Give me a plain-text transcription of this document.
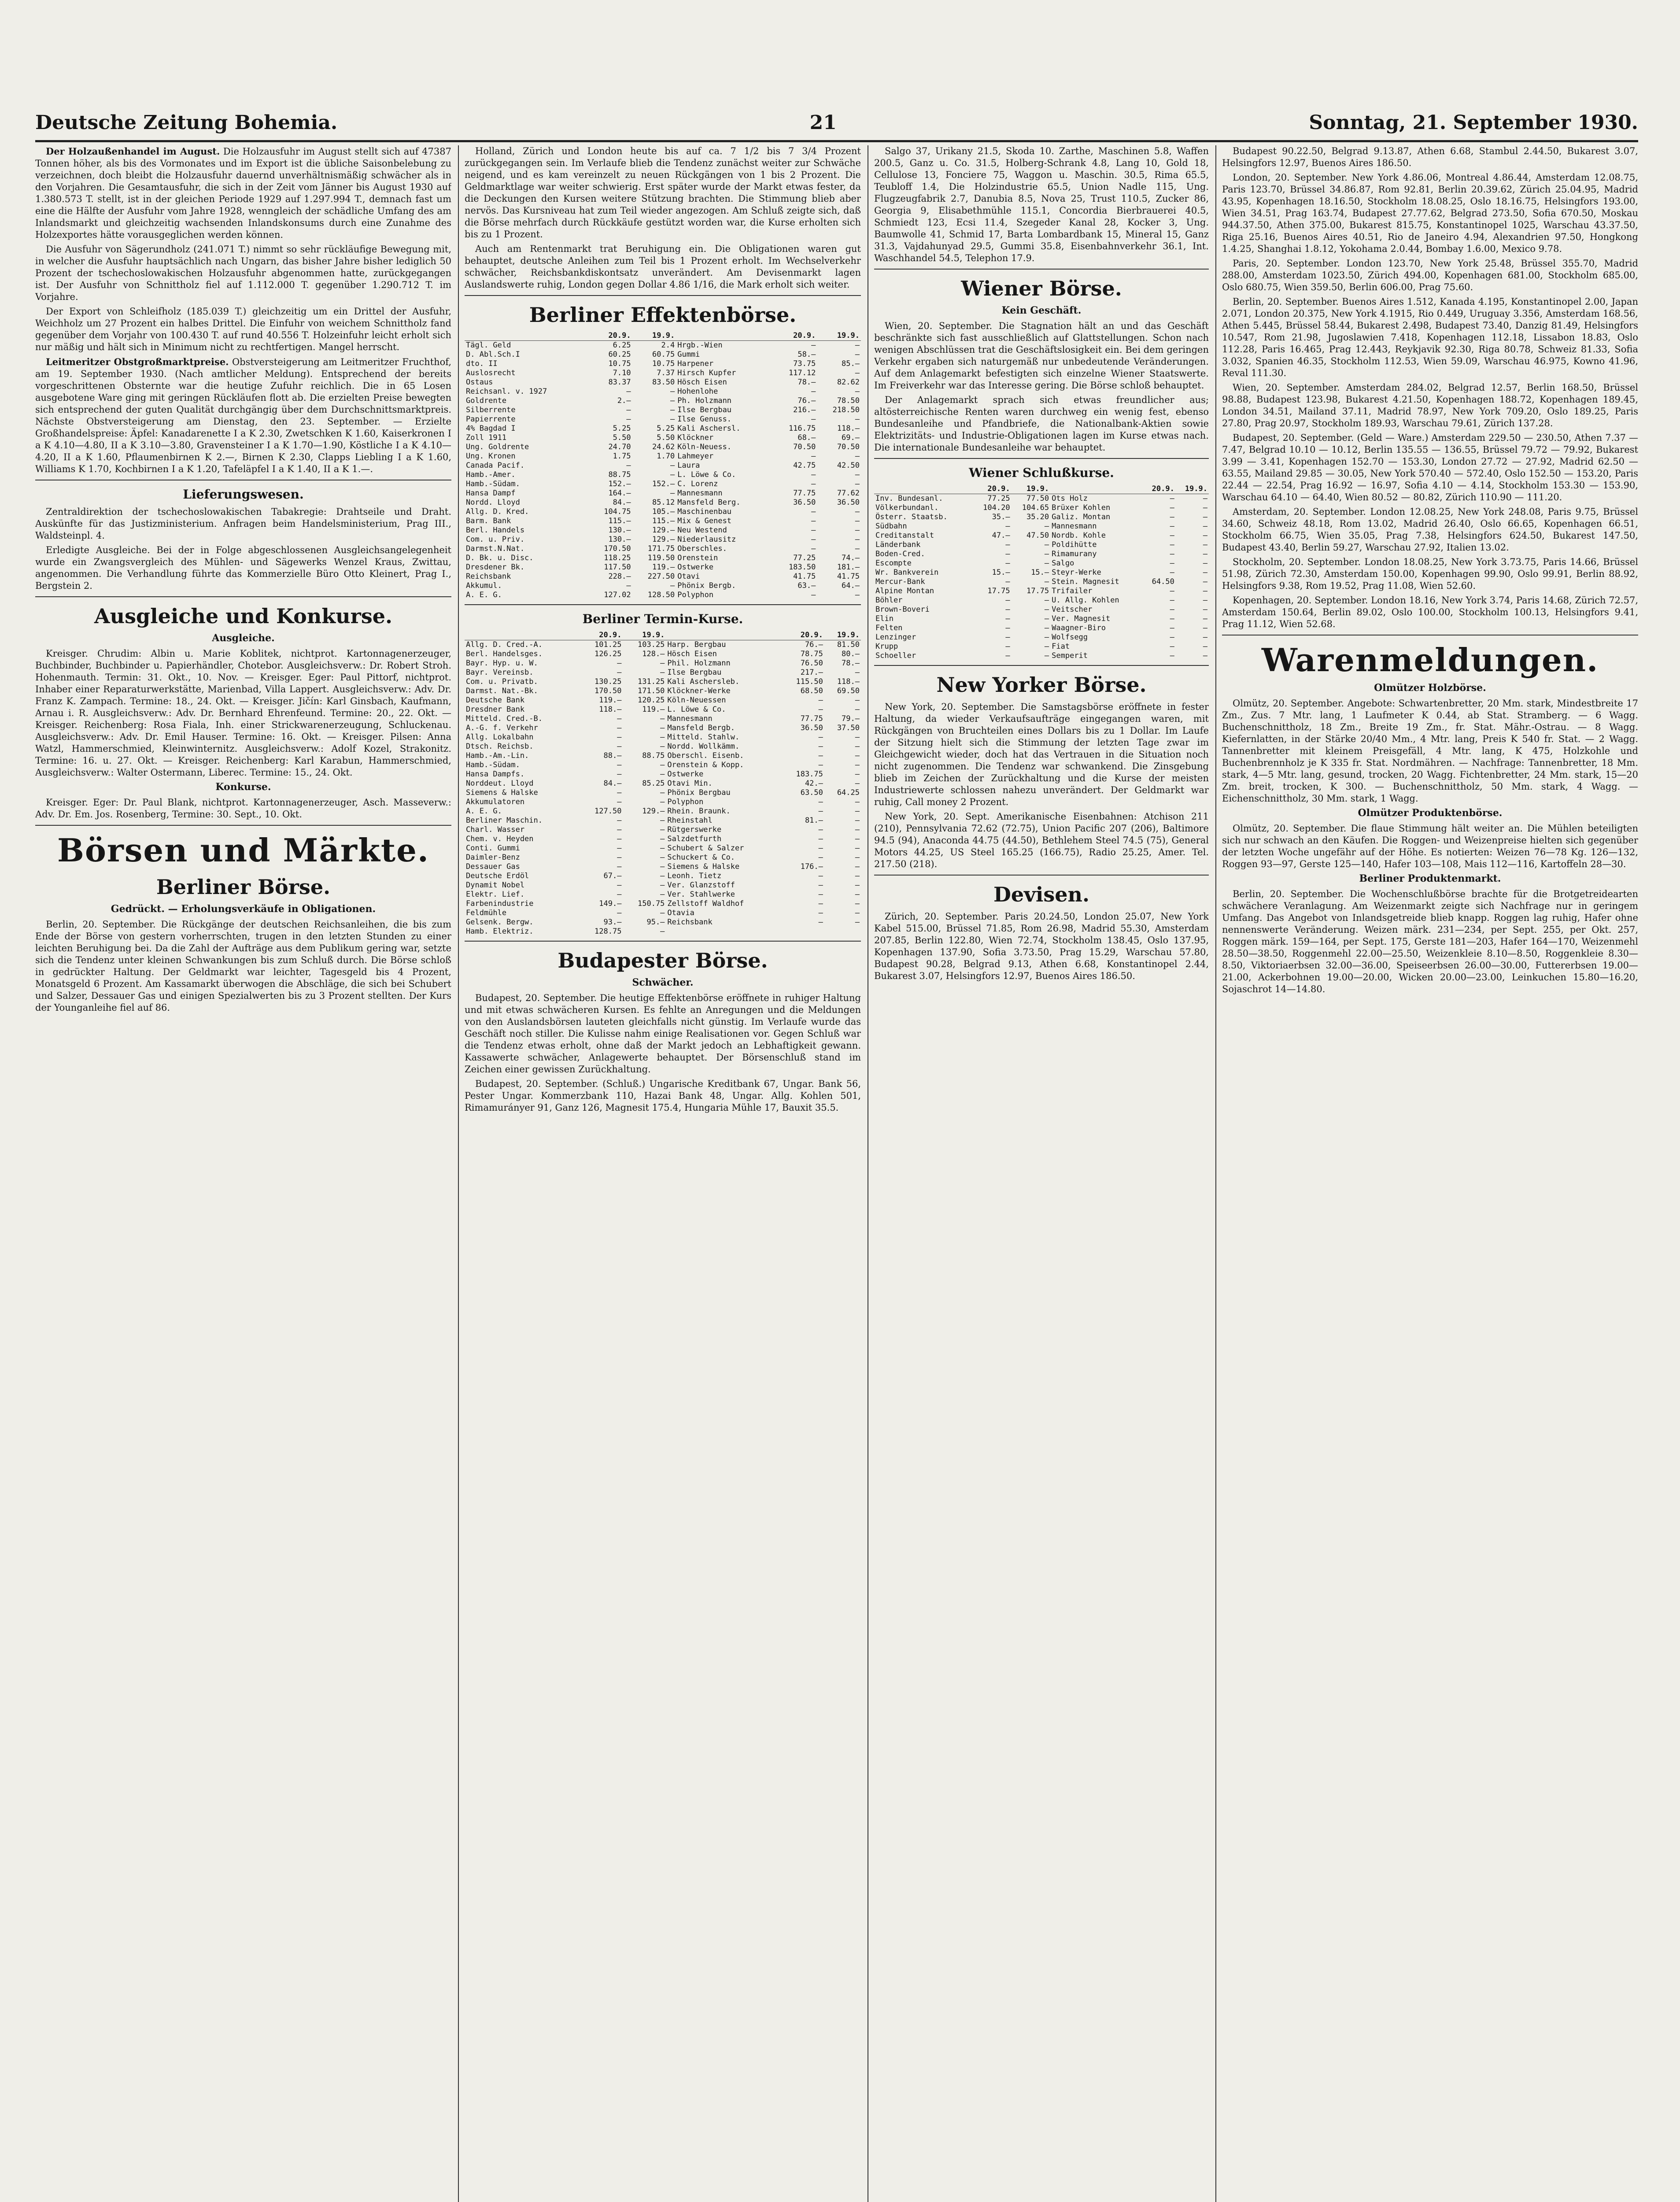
Deutsche Zeitung Bohemia.	21	Sonntag, 21. September 1930.

Der Holzaußenhandel im August. Die Holzausfuhr im August stellt sich auf 47387 Tonnen höher, als bis des Vormonates und im Export ist die übliche Saisonbelebung zu verzeichnen, doch bleibt die Holzausfuhr dauernd unverhältnismäßig schwächer als in den Vorjahren. Die Gesamtausfuhr, die sich in der Zeit vom Jänner bis August 1930 auf 1.380.573 T. stellt, ist in der gleichen Periode 1929 auf 1.297.994 T., demnach fast um eine die Hälfte der Ausfuhr vom Jahre 1928, wenngleich der schädliche Umfang des am Inlandsmarkt und gleichzeitig wachsenden Inlandskonsums durch eine Zunahme des Holzexportes hätte vorausgeglichen werden können.

Die Ausfuhr von Sägerundholz (241.071 T.) nimmt so sehr rückläufige Bewegung mit, in welcher die Ausfuhr hauptsächlich nach Ungarn, das bisher Jahre bisher lediglich 50 Prozent der tschechoslowakischen Holzausfuhr abgenommen hatte, zurückgegangen ist. Der Ausfuhr von Schnittholz fiel auf 1.112.000 T. gegenüber 1.290.712 T. im Vorjahre.

Der Export von Schleifholz (185.039 T.) gleichzeitig um ein Drittel der Ausfuhr, Weichholz um 27 Prozent ein halbes Drittel. Die Einfuhr von weichem Schnittholz fand gegenüber dem Vorjahr von 100.430 T. auf rund 40.556 T. Holzeinfuhr leicht erholt sich nur mäßig und hält sich in Minimum nicht zu rechtfertigen. Mangel herrscht.

Leitmeritzer Obstgroßmarktpreise. Obstversteigerung am Leitmeritzer Fruchthof, am 19. September 1930. (Nach amtlicher Meldung). Entsprechend der bereits vorgeschrittenen Obsternte war die heutige Zufuhr reichlich. Die in 65 Losen ausgebotene Ware ging mit geringen Rückläufen flott ab. Die erzielten Preise bewegten sich entsprechend der guten Qualität durchgängig über dem Durchschnittsmarktpreis. Nächste Obstversteigerung am Dienstag, den 23. September. — Erzielte Großhandelspreise: Äpfel: Kanadarenette I a K 2.30, Zwetschken K 1.60, Kaiserkronen I a K 4.10—4.80, II a K 3.10—3.80, Gravensteiner I a K 1.70—1.90, Köstliche I a K 4.10—4.20, II a K 1.60, Pflaumenbirnen K 2.—, Birnen K 2.30, Clapps Liebling I a K 1.60, Williams K 1.70, Kochbirnen I a K 1.20, Tafeläpfel I a K 1.40, II a K 1.—.

Lieferungswesen.

Zentraldirektion der tschechoslowakischen Tabakregie: Drahtseile und Draht. Auskünfte für das Justizministerium. Anfragen beim Handelsministerium, Prag III., Waldsteinpl. 4.

Erledigte Ausgleiche. Bei der in Folge abgeschlossenen Ausgleichsangelegenheit wurde ein Zwangsvergleich des Mühlen- und Sägewerks Wenzel Kraus, Zwittau, angenommen. Die Verhandlung führte das Kommerzielle Büro Otto Kleinert, Prag I., Bergstein 2.

Ausgleiche und Konkurse.
Ausgleiche.

Kreisger. Chrudim: Albin u. Marie Koblitek, nichtprot. Kartonnagenerzeuger, Buchbinder, Buchbinder u. Papierhändler, Chotebor. Ausgleichsverw.: Dr. Robert Stroh. Hohenmauth. Termin: 31. Okt., 10. Nov. — Kreisger. Eger: Paul Pittorf, nichtprot. Inhaber einer Reparaturwerkstätte, Marienbad, Villa Lappert. Ausgleichsverw.: Adv. Dr. Franz K. Zampach. Termine: 18., 24. Okt. — Kreisger. Jičín: Karl Ginsbach, Kaufmann, Arnau i. R. Ausgleichsverw.: Adv. Dr. Bernhard Ehrenfeund. Termine: 20., 22. Okt. — Kreisger. Reichenberg: Rosa Fiala, Inh. einer Strickwarenerzeugung, Schluckenau. Ausgleichsverw.: Adv. Dr. Emil Hauser. Termine: 16. Okt. — Kreisger. Pilsen: Anna Watzl, Hammerschmied, Kleinwinternitz. Ausgleichsverw.: Adolf Kozel, Strakonitz. Termine: 16. u. 27. Okt. — Kreisger. Reichenberg: Karl Karabun, Hammerschmied, Ausgleichsverw.: Walter Ostermann, Liberec. Termine: 15., 24. Okt.

Konkurse.

Kreisger. Eger: Dr. Paul Blank, nichtprot. Kartonnagenerzeuger, Asch. Masseverw.: Adv. Dr. Em. Jos. Rosenberg, Termine: 30. Sept., 10. Okt.

Börsen und Märkte.
Berliner Börse.
Gedrückt. — Erholungsverkäufe in Obligationen.

Berlin, 20. September. Die Rückgänge der deutschen Reichsanleihen, die bis zum Ende der Börse von gestern vorherrschten, trugen in den letzten Stunden zu einer leichten Beruhigung bei. Da die Zahl der Aufträge aus dem Publikum gering war, setzte sich die Tendenz unter kleinen Schwankungen bis zum Schluß durch. Die Börse schloß in gedrückter Haltung. Der Geldmarkt war leichter, Tagesgeld bis 4 Prozent, Monatsgeld 6 Prozent. Am Kassamarkt überwogen die Abschläge, die sich bei Schubert und Salzer, Dessauer Gas und einigen Spezialwerten bis zu 3 Prozent stellten. Der Kurs der Younganleihe fiel auf 86.

Holland, Zürich und London heute bis auf ca. 7 1/2 bis 7 3/4 Prozent zurückgegangen sein. Im Verlaufe blieb die Tendenz zunächst weiter zur Schwäche neigend, und es kam vereinzelt zu neuen Rückgängen von 1 bis 2 Prozent. Die Geldmarktlage war weiter schwierig. Erst später wurde der Markt etwas fester, da die Deckungen den Kursen weitere Stützung brachten. Die Stimmung blieb aber nervös. Das Kursniveau hat zum Teil wieder angezogen. Am Schluß zeigte sich, daß die Börse mehrfach durch Rückkäufe gestützt worden war, die Kurse erholten sich bis zu 1 Prozent.

Auch am Rentenmarkt trat Beruhigung ein. Die Obligationen waren gut behauptet, deutsche Anleihen zum Teil bis 1 Prozent erholt. Im Wechselverkehr schwächer, Reichsbankdiskontsatz unverändert. Am Devisenmarkt lagen Auslandswerte ruhig, London gegen Dollar 4.86 1/16, die Mark erholt sich weiter.

Berliner Effektenbörse.
	20.9.	19.9.		20.9.	19.9.
Tägl. Geld	6.25	2.4	Hrgb.-Wien	—	—
D. Abl.Sch.I	60.25	60.75	Gummi	58.—	—
dto. II	10.75	10.75	Harpener	73.75	85.—
Auslosrecht	7.10	7.37	Hirsch Kupfer	117.12	—
Ostaus	83.37	83.50	Hösch Eisen	78.—	82.62
Reichsanl. v. 1927	—	—	Hohenlohe	—	—
Goldrente	2.—	—	Ph. Holzmann	76.—	78.50
Silberrente	—	—	Ilse Bergbau	216.—	218.50
Papierrente	—	—	Ilse Genuss.	—	—
4% Bagdad I	5.25	5.25	Kali Aschersl.	116.75	118.—
Zoll 1911	5.50	5.50	Klöckner	68.—	69.—
Ung. Goldrente	24.70	24.62	Köln-Neuess.	70.50	70.50
Ung. Kronen	1.75	1.70	Lahmeyer	—	—
Canada Pacif.	—	—	Laura	42.75	42.50
Hamb.-Amer.	88.75	—	L. Löwe & Co.	—	—
Hamb.-Südam.	152.—	152.—	C. Lorenz	—	—
Hansa Dampf	164.—	—	Mannesmann	77.75	77.62
Nordd. Lloyd	84.—	85.12	Mansfeld Berg.	36.50	36.50
Allg. D. Kred.	104.75	105.—	Maschinenbau	—	—
Barm. Bank	115.—	115.—	Mix & Genest	—	—
Berl. Handels	130.—	129.—	Neu Westend	—	—
Com. u. Priv.	130.—	129.—	Niederlausitz	—	—
Darmst.N.Nat.	170.50	171.75	Oberschles.	—	—
D. Bk. u. Disc.	118.25	119.50	Orenstein	77.25	74.—
Dresdener Bk.	117.50	119.—	Ostwerke	183.50	181.—
Reichsbank	228.—	227.50	Otavi	41.75	41.75
Akkumul.	—	—	Phönix Bergb.	63.—	64.—
A. E. G.	127.02	128.50	Polyphon	—	—
Berliner Termin-Kurse.
	20.9.	19.9.		20.9.	19.9.
Allg. D. Cred.-A.	101.25	103.25	Harp. Bergbau	76.—	81.50
Berl. Handelsges.	126.25	128.—	Hösch Eisen	78.75	80.—
Bayr. Hyp. u. W.	—	—	Phil. Holzmann	76.50	78.—
Bayr. Vereinsb.	—	—	Ilse Bergbau	217.—	—
Com. u. Privatb.	130.25	131.25	Kali Aschersleb.	115.50	118.—
Darmst. Nat.-Bk.	170.50	171.50	Klöckner-Werke	68.50	69.50
Deutsche Bank	119.—	120.25	Köln-Neuessen	—	—
Dresdner Bank	118.—	119.—	L. Löwe & Co.	—	—
Mitteld. Cred.-B.	—	—	Mannesmann	77.75	79.—
A.-G. f. Verkehr	—	—	Mansfeld Bergb.	36.50	37.50
Allg. Lokalbahn	—	—	Mitteld. Stahlw.	—	—
Dtsch. Reichsb.	—	—	Nordd. Wollkämm.	—	—
Hamb.-Am.-Lin.	88.—	88.75	Oberschl. Eisenb.	—	—
Hamb.-Südam.	—	—	Orenstein & Kopp.	—	—
Hansa Dampfs.	—	—	Ostwerke	183.75	—
Norddeut. Lloyd	84.—	85.25	Otavi Min.	42.—	—
Siemens & Halske	—	—	Phönix Bergbau	63.50	64.25
Akkumulatoren	—	—	Polyphon	—	—
A. E. G.	127.50	129.—	Rhein. Braunk.	—	—
Berliner Maschin.	—	—	Rheinstahl	81.—	—
Charl. Wasser	—	—	Rütgerswerke	—	—
Chem. v. Heyden	—	—	Salzdetfurth	—	—
Conti. Gummi	—	—	Schubert & Salzer	—	—
Daimler-Benz	—	—	Schuckert & Co.	—	—
Dessauer Gas	—	—	Siemens & Halske	176.—	—
Deutsche Erdöl	67.—	—	Leonh. Tietz	—	—
Dynamit Nobel	—	—	Ver. Glanzstoff	—	—
Elektr. Lief.	—	—	Ver. Stahlwerke	—	—
Farbenindustrie	149.—	150.75	Zellstoff Waldhof	—	—
Feldmühle	—	—	Otavia	—	—
Gelsenk. Bergw.	93.—	95.—	Reichsbank	—	—
Hamb. Elektriz.	128.75	—			
Budapester Börse.
Schwächer.

Budapest, 20. September. Die heutige Effektenbörse eröffnete in ruhiger Haltung und mit etwas schwächeren Kursen. Es fehlte an Anregungen und die Meldungen von den Auslandsbörsen lauteten gleichfalls nicht günstig. Im Verlaufe wurde das Geschäft noch stiller. Die Kulisse nahm einige Realisationen vor. Gegen Schluß war die Tendenz etwas erholt, ohne daß der Markt jedoch an Lebhaftigkeit gewann. Kassawerte schwächer, Anlagewerte behauptet. Der Börsenschluß stand im Zeichen einer gewissen Zurückhaltung.

Budapest, 20. September. (Schluß.) Ungarische Kreditbank 67, Ungar. Bank 56, Pester Ungar. Kommerzbank 110, Hazai Bank 48, Ungar. Allg. Kohlen 501, Rimamurányer 91, Ganz 126, Magnesit 175.4, Hungaria Mühle 17, Bauxit 35.5.

Salgo 37, Urikany 21.5, Skoda 10. Zarthe, Maschinen 5.8, Waffen 200.5, Ganz u. Co. 31.5, Holberg-Schrank 4.8, Lang 10, Gold 18, Cellulose 13, Fonciere 75, Waggon u. Maschin. 30.5, Rima 65.5, Teubloff 1.4, Die Holzindustrie 65.5, Union Nadle 115, Ung. Flugzeugfabrik 2.7, Danubia 8.5, Nova 25, Trust 110.5, Zucker 86, Georgia 9, Elisabethmühle 115.1, Concordia Bierbrauerei 40.5, Schmiedt 123, Ecsi 11.4, Szegeder Kanal 28, Kocker 3, Ung. Baumwolle 41, Schmid 17, Barta Lombardbank 15, Mineral 15, Ganz 31.3, Vajdahunyad 29.5, Gummi 35.8, Eisenbahnverkehr 36.1, Int. Waschhandel 54.5, Telephon 17.9.

Wiener Börse.
Kein Geschäft.

Wien, 20. September. Die Stagnation hält an und das Geschäft beschränkte sich fast ausschließlich auf Glattstellungen. Schon nach wenigen Abschlüssen trat die Geschäftslosigkeit ein. Bei dem geringen Verkehr ergaben sich naturgemäß nur unbedeutende Veränderungen. Auf dem Anlagemarkt befestigten sich einzelne Wiener Staatswerte. Im Freiverkehr war das Interesse gering. Die Börse schloß behauptet.

Der Anlagemarkt sprach sich etwas freundlicher aus; altösterreichische Renten waren durchweg ein wenig fest, ebenso Bundesanleihe und Pfandbriefe, die Nationalbank-Aktien sowie Elektrizitäts- und Industrie-Obligationen lagen im Kurse etwas nach. Die internationale Bundesanleihe war behauptet.

Wiener Schlußkurse.
	20.9.	19.9.		20.9.	19.9.
Inv. Bundesanl.	77.25	77.50	Ots Holz	—	—
Völkerbundanl.	104.20	104.65	Brüxer Kohlen	—	—
Österr. Staatsb.	35.—	35.20	Galiz. Montan	—	—
Südbahn	—	—	Mannesmann	—	—
Creditanstalt	47.—	47.50	Nordb. Kohle	—	—
Länderbank	—	—	Poldihütte	—	—
Boden-Cred.	—	—	Rimamurany	—	—
Escompte	—	—	Salgo	—	—
Wr. Bankverein	15.—	15.—	Steyr-Werke	—	—
Mercur-Bank	—	—	Stein. Magnesit	64.50	—
Alpine Montan	17.75	17.75	Trifailer	—	—
Böhler	—	—	U. Allg. Kohlen	—	—
Brown-Boveri	—	—	Veitscher	—	—
Elin	—	—	Ver. Magnesit	—	—
Felten	—	—	Waagner-Biro	—	—
Lenzinger	—	—	Wolfsegg	—	—
Krupp	—	—	Fiat	—	—
Schoeller	—	—	Semperit	—	—
New Yorker Börse.

New York, 20. September. Die Samstagsbörse eröffnete in fester Haltung, da wieder Verkaufsaufträge eingegangen waren, mit Rückgängen von Bruchteilen eines Dollars bis zu 1 Dollar. Im Laufe der Sitzung hielt sich die Stimmung der letzten Tage zwar im Gleichgewicht wieder, doch hat das Vertrauen in die Situation noch nicht zugenommen. Die Tendenz war schwankend. Die Zinsgebung blieb im Zeichen der Zurückhaltung und die Kurse der meisten Industriewerte schlossen nahezu unverändert. Der Geldmarkt war ruhig, Call money 2 Prozent.

New York, 20. Sept. Amerikanische Eisenbahnen: Atchison 211 (210), Pennsylvania 72.62 (72.75), Union Pacific 207 (206), Baltimore 94.5 (94), Anaconda 44.75 (44.50), Bethlehem Steel 74.5 (75), General Motors 44.25, US Steel 165.25 (166.75), Radio 25.25, Amer. Tel. 217.50 (218).

Devisen.

Zürich, 20. September. Paris 20.24.50, London 25.07, New York Kabel 515.00, Brüssel 71.85, Rom 26.98, Madrid 55.30, Amsterdam 207.85, Berlin 122.80, Wien 72.74, Stockholm 138.45, Oslo 137.95, Kopenhagen 137.90, Sofia 3.73.50, Prag 15.29, Warschau 57.80, Budapest 90.28, Belgrad 9.13, Athen 6.68, Konstantinopel 2.44, Bukarest 3.07, Helsingfors 12.97, Buenos Aires 186.50.

Budapest 90.22.50, Belgrad 9.13.87, Athen 6.68, Stambul 2.44.50, Bukarest 3.07, Helsingfors 12.97, Buenos Aires 186.50.

London, 20. September. New York 4.86.06, Montreal 4.86.44, Amsterdam 12.08.75, Paris 123.70, Brüssel 34.86.87, Rom 92.81, Berlin 20.39.62, Zürich 25.04.95, Madrid 43.95, Kopenhagen 18.16.50, Stockholm 18.08.25, Oslo 18.16.75, Helsingfors 193.00, Wien 34.51, Prag 163.74, Budapest 27.77.62, Belgrad 273.50, Sofia 670.50, Moskau 944.37.50, Athen 375.00, Bukarest 815.75, Konstantinopel 1025, Warschau 43.37.50, Riga 25.16, Buenos Aires 40.51, Rio de Janeiro 4.94, Alexandrien 97.50, Hongkong 1.4.25, Shanghai 1.8.12, Yokohama 2.0.44, Bombay 1.6.00, Mexico 9.78.

Paris, 20. September. London 123.70, New York 25.48, Brüssel 355.70, Madrid 288.00, Amsterdam 1023.50, Zürich 494.00, Kopenhagen 681.00, Stockholm 685.00, Oslo 680.75, Wien 359.50, Berlin 606.00, Prag 75.60.

Berlin, 20. September. Buenos Aires 1.512, Kanada 4.195, Konstantinopel 2.00, Japan 2.071, London 20.375, New York 4.1915, Rio 0.449, Uruguay 3.356, Amsterdam 168.56, Athen 5.445, Brüssel 58.44, Bukarest 2.498, Budapest 73.40, Danzig 81.49, Helsingfors 10.547, Rom 21.98, Jugoslawien 7.418, Kopenhagen 112.18, Lissabon 18.83, Oslo 112.28, Paris 16.465, Prag 12.443, Reykjavik 92.30, Riga 80.78, Schweiz 81.33, Sofia 3.032, Spanien 46.35, Stockholm 112.53, Wien 59.09, Warschau 46.975, Kowno 41.96, Reval 111.30.

Wien, 20. September. Amsterdam 284.02, Belgrad 12.57, Berlin 168.50, Brüssel 98.88, Budapest 123.98, Bukarest 4.21.50, Kopenhagen 188.72, Kopenhagen 189.45, London 34.51, Mailand 37.11, Madrid 78.97, New York 709.20, Oslo 189.25, Paris 27.80, Prag 20.97, Stockholm 189.93, Warschau 79.61, Zürich 137.28.

Budapest, 20. September. (Geld — Ware.) Amsterdam 229.50 — 230.50, Athen 7.37 — 7.47, Belgrad 10.10 — 10.12, Berlin 135.55 — 136.55, Brüssel 79.72 — 79.92, Bukarest 3.99 — 3.41, Kopenhagen 152.70 — 153.30, London 27.72 — 27.92, Madrid 62.50 — 63.55, Mailand 29.85 — 30.05, New York 570.40 — 572.40, Oslo 152.50 — 153.20, Paris 22.44 — 22.54, Prag 16.92 — 16.97, Sofia 4.10 — 4.14, Stockholm 153.30 — 153.90, Warschau 64.10 — 64.40, Wien 80.52 — 80.82, Zürich 110.90 — 111.20.

Amsterdam, 20. September. London 12.08.25, New York 248.08, Paris 9.75, Brüssel 34.60, Schweiz 48.18, Rom 13.02, Madrid 26.40, Oslo 66.65, Kopenhagen 66.51, Stockholm 66.75, Wien 35.05, Prag 7.38, Helsingfors 624.50, Bukarest 147.50, Budapest 43.40, Berlin 59.27, Warschau 27.92, Italien 13.02.

Stockholm, 20. September. London 18.08.25, New York 3.73.75, Paris 14.66, Brüssel 51.98, Zürich 72.30, Amsterdam 150.00, Kopenhagen 99.90, Oslo 99.91, Berlin 88.92, Helsingfors 9.38, Rom 19.52, Prag 11.08, Wien 52.60.

Kopenhagen, 20. September. London 18.16, New York 3.74, Paris 14.68, Zürich 72.57, Amsterdam 150.64, Berlin 89.02, Oslo 100.00, Stockholm 100.13, Helsingfors 9.41, Prag 11.12, Wien 52.68.

Warenmeldungen.
Olmützer Holzbörse.

Olmütz, 20. September. Angebote: Schwartenbretter, 20 Mm. stark, Mindestbreite 17 Zm., Zus. 7 Mtr. lang, 1 Laufmeter K 0.44, ab Stat. Stramberg. — 6 Wagg. Buchenschnittholz, 18 Zm., Breite 19 Zm., fr. Stat. Mähr.-Ostrau. — 8 Wagg. Kiefernlatten, in der Stärke 20/40 Mm., 4 Mtr. lang, Preis K 540 fr. Stat. — 2 Wagg. Tannenbretter mit kleinem Preisgefäll, 4 Mtr. lang, K 475, Holzkohle und Buchenbrennholz je K 335 fr. Stat. Nordmähren. — Nachfrage: Tannenbretter, 18 Mm. stark, 4—5 Mtr. lang, gesund, trocken, 20 Wagg. Fichtenbretter, 24 Mm. stark, 15—20 Zm. breit, trocken, K 300. — Buchenschnittholz, 50 Mm. stark, 4 Wagg. — Eichenschnittholz, 30 Mm. stark, 1 Wagg.

Olmützer Produktenbörse.

Olmütz, 20. September. Die flaue Stimmung hält weiter an. Die Mühlen beteiligten sich nur schwach an den Käufen. Die Roggen- und Weizenpreise hielten sich gegenüber der letzten Woche ungefähr auf der Höhe. Es notierten: Weizen 76—78 Kg. 126—132, Roggen 93—97, Gerste 125—140, Hafer 103—108, Mais 112—116, Kartoffeln 28—30.

Berliner Produktenmarkt.

Berlin, 20. September. Die Wochenschlußbörse brachte für die Brotgetreidearten schwächere Veranlagung. Am Weizenmarkt zeigte sich Nachfrage nur in geringem Umfang. Das Angebot von Inlandsgetreide blieb knapp. Roggen lag ruhig, Hafer ohne nennenswerte Veränderung. Weizen märk. 231—234, per Sept. 255, per Okt. 257, Roggen märk. 159—164, per Sept. 175, Gerste 181—203, Hafer 164—170, Weizenmehl 28.50—38.50, Roggenmehl 22.00—25.50, Weizenkleie 8.10—8.50, Roggenkleie 8.30—8.50, Viktoriaerbsen 32.00—36.00, Speiseerbsen 26.00—30.00, Futtererbsen 19.00—21.00, Ackerbohnen 19.00—20.00, Wicken 20.00—23.00, Leinkuchen 15.80—16.20, Sojaschrot 14—14.80.
